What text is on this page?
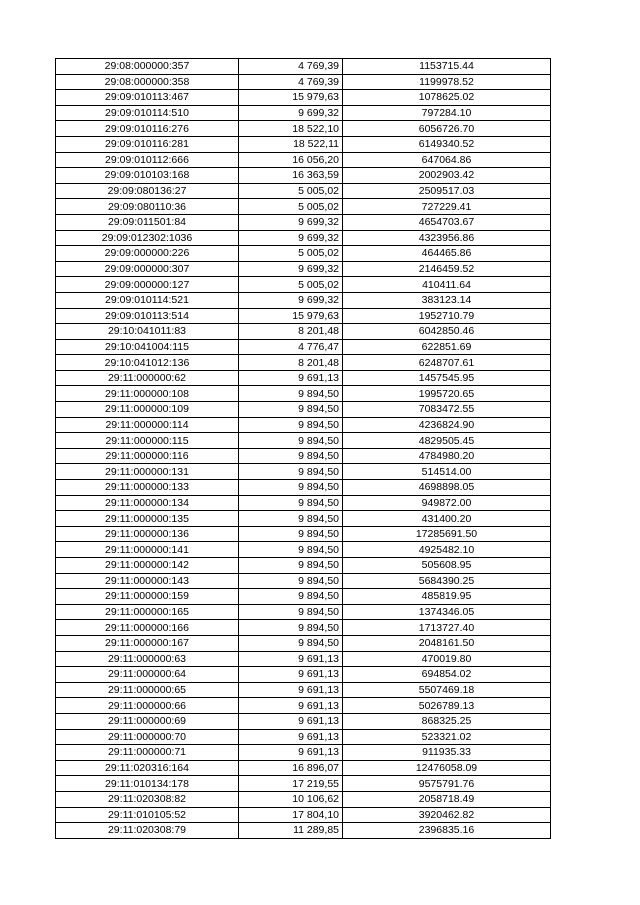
29:08:000000:357	4 769,39	1153715.44
29:08:000000:358	4 769,39	1199978.52
29:09:010113:467	15 979,63	1078625.02
29:09:010114:510	9 699,32	797284.10
29:09:010116:276	18 522,10	6056726.70
29:09:010116:281	18 522,11	6149340.52
29:09:010112:666	16 056,20	647064.86
29:09:010103:168	16 363,59	2002903.42
29:09:080136:27	5 005,02	2509517.03
29:09:080110:36	5 005,02	727229.41
29:09:011501:84	9 699,32	4654703.67
29:09:012302:1036	9 699,32	4323956.86
29:09:000000:226	5 005,02	464465.86
29:09:000000:307	9 699,32	2146459.52
29:09:000000:127	5 005,02	410411.64
29:09:010114:521	9 699,32	383123.14
29:09:010113:514	15 979,63	1952710.79
29:10:041011:83	8 201,48	6042850.46
29:10:041004:115	4 776,47	622851.69
29:10:041012:136	8 201,48	6248707.61
29:11:000000:62	9 691,13	1457545.95
29:11:000000:108	9 894,50	1995720.65
29:11:000000:109	9 894,50	7083472.55
29:11:000000:114	9 894,50	4236824.90
29:11:000000:115	9 894,50	4829505.45
29:11:000000:116	9 894,50	4784980.20
29:11:000000:131	9 894,50	514514.00
29:11:000000:133	9 894,50	4698898.05
29:11:000000:134	9 894,50	949872.00
29:11:000000:135	9 894,50	431400.20
29:11:000000:136	9 894,50	17285691.50
29:11:000000:141	9 894,50	4925482.10
29:11:000000:142	9 894,50	505608.95
29:11:000000:143	9 894,50	5684390.25
29:11:000000:159	9 894,50	485819.95
29:11:000000:165	9 894,50	1374346.05
29:11:000000:166	9 894,50	1713727.40
29:11:000000:167	9 894,50	2048161.50
29:11:000000:63	9 691,13	470019.80
29:11:000000:64	9 691,13	694854.02
29:11:000000:65	9 691,13	5507469.18
29:11:000000:66	9 691,13	5026789.13
29:11:000000:69	9 691,13	868325.25
29:11:000000:70	9 691,13	523321.02
29:11:000000:71	9 691,13	911935.33
29:11:020316:164	16 896,07	12476058.09
29:11:010134:178	17 219,55	9575791.76
29:11:020308:82	10 106,62	2058718.49
29:11:010105:52	17 804,10	3920462.82
29:11:020308:79	11 289,85	2396835.16
